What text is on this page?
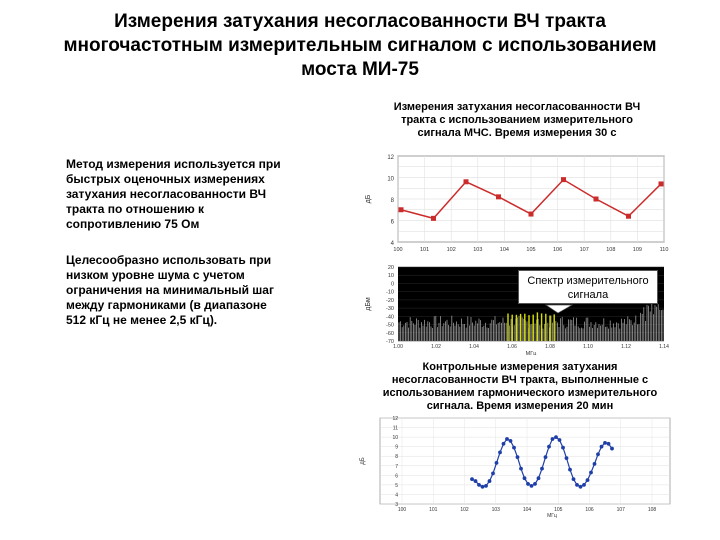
Измерения затухания несогласованности ВЧ тракта
многочастотным измерительным сигналом с использованием
моста МИ-75
Измерения затухания несогласованности ВЧ
тракта с использованием измерительного
сигнала МЧС. Время измерения 30 с
Метод измерения используется при
быстрых оценочных измерениях
затухания несогласованности ВЧ
тракта по отношению к
сопротивлению 75 Ом
Целесообразно использовать при
низком уровне шума с учетом
ограничения на минимальный шаг
между гармониками (в диапазоне
512 кГц не менее 2,5 кГц).
12
10
8
6
4
дБ
100	101	102	103	104	105	106	107	108	109	110
20
10
0
-10
-20
-30
-40
-50
-60
-70
дБм
1.00	1.02	1.04	1.06	1.08	1.10	1.12	1.14
МГц
Спектр измерительного
сигнала
Контрольные измерения затухания
несогласованности ВЧ тракта, выполненные с
использованием гармонического измерительного
сигнала. Время измерения 20 мин
12
11
10
9
8
7
6
5
4
3
дБ
100	101	102	103	104	105	106	107	108
МГц
